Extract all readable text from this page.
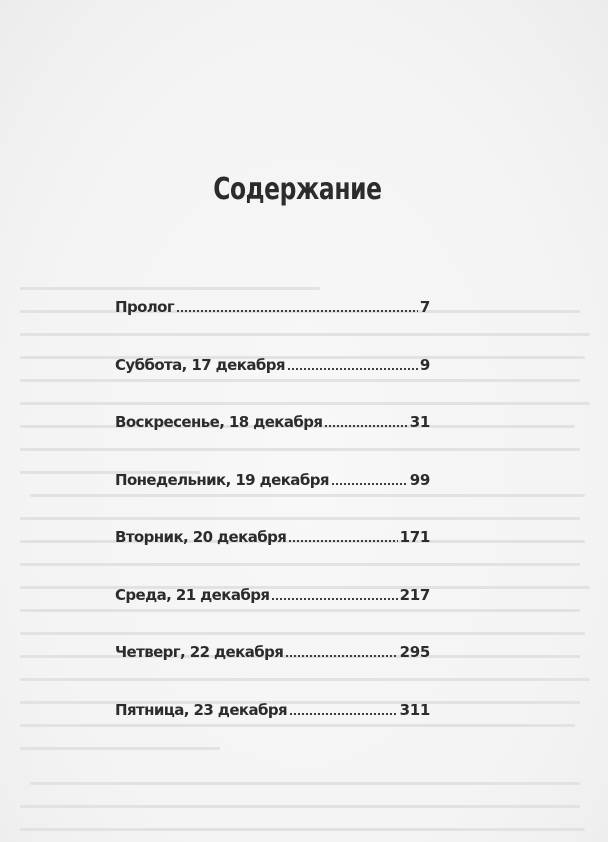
Содержание
Пролог	7
Суббота, 17 декабря	9
Воскресенье, 18 декабря	31
Понедельник, 19 декабря	99
Вторник, 20 декабря	171
Среда, 21 декабря	217
Четверг, 22 декабря	295
Пятница, 23 декабря	311
